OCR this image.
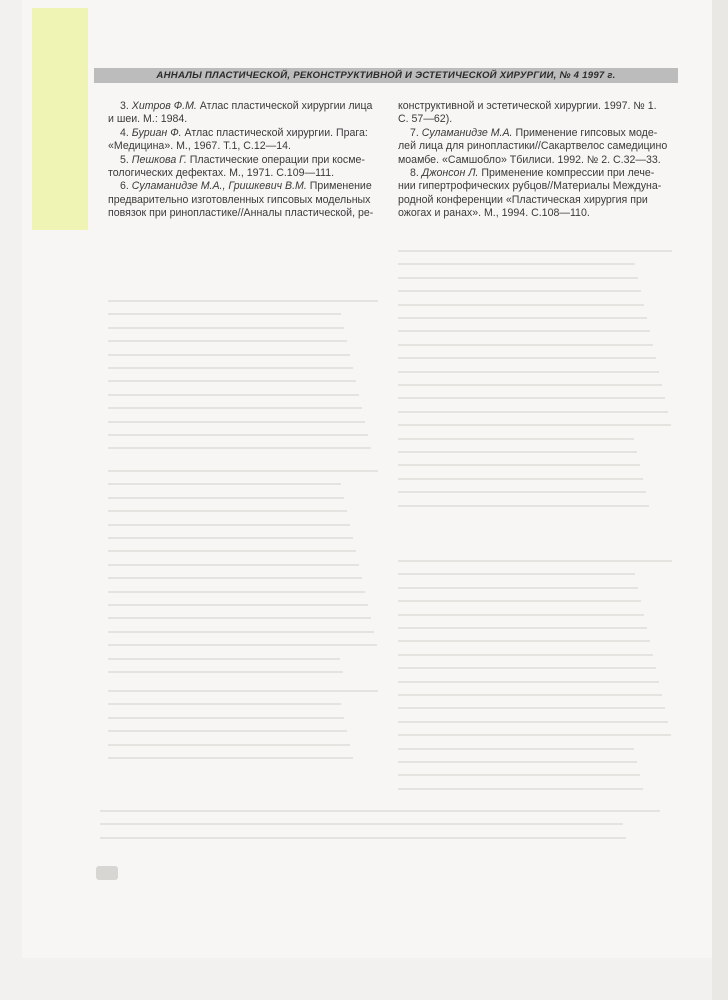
АННАЛЫ ПЛАСТИЧЕСКОЙ, РЕКОНСТРУКТИВНОЙ И ЭСТЕТИЧЕСКОЙ ХИРУРГИИ, № 4 1997 г.
3. Хитров Ф.М. Атлас пластической хирургии лица
и шеи. М.: 1984.
4. Буриан Ф. Атлас пластической хирургии. Прага:
«Медицина». М., 1967. Т.1, С.12—14.
5. Пешкова Г. Пластические операции при космe-
тологических дефектах. М., 1971. С.109—111.
6. Суламанидзе М.А., Гришкевич В.М. Применение
предварительно изготовленных гипсовых модельных
повязок при ринопластике//Анналы пластической, ре-
конструктивной и эстетической хирургии. 1997. № 1.
С. 57—62).
7. Суламанидзе М.А. Применение гипсовых моде-
лей лица для ринопластики//Сакартвелос самедицино
моамбе. «Самшобло» Тбилиси. 1992. № 2. С.32—33.
8. Джонсон Л. Применение компрессии при лече-
нии гипертрофических рубцов//Материалы Междуна-
родной конференции «Пластическая хирургия при
ожогах и ранах». М., 1994. С.108—110.
